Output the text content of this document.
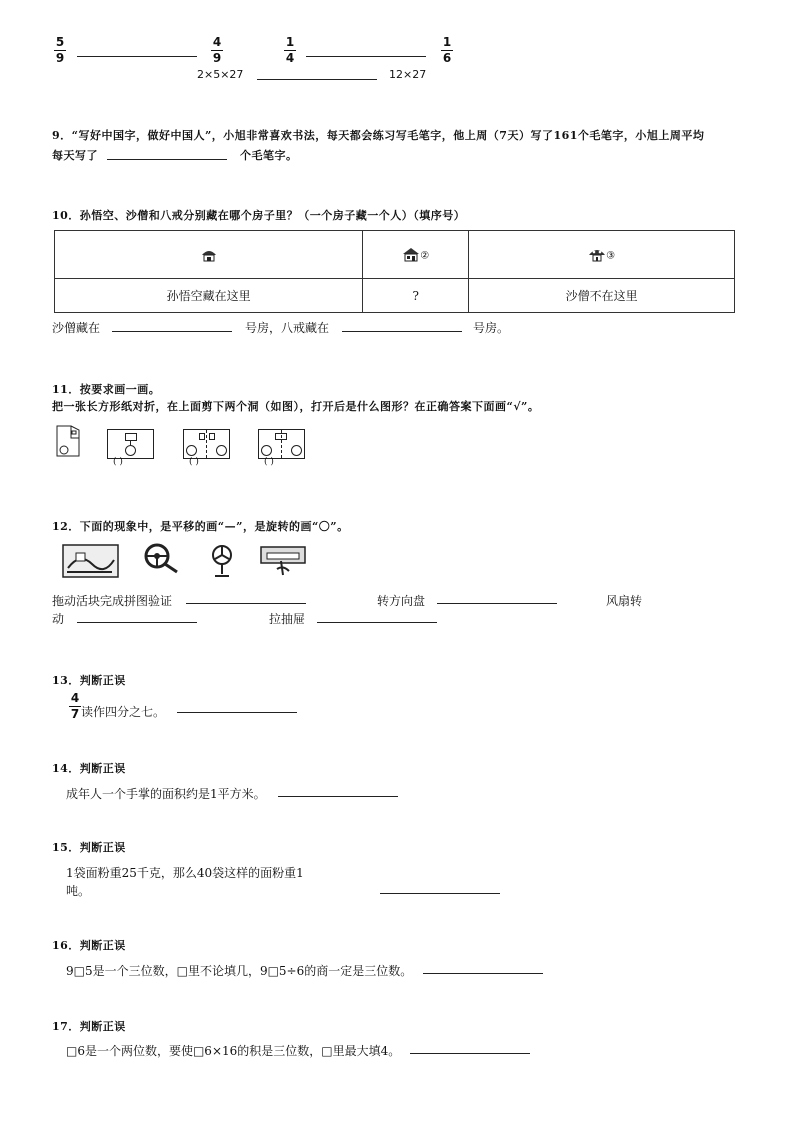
5
9
4
9
1
4
1
6
2×5×27	12×27
9．“写好中国字，做好中国人”，小旭非常喜欢书法，每天都会练习写毛笔字，他上周（7天）写了161个毛笔字，小旭上周平均
每天写了	个毛笔字。
10．孙悟空、沙僧和八戒分别藏在哪个房子里？（一个房子藏一个人）（填序号）
	②	③
孙悟空藏在这里	?	沙僧不在这里
沙僧藏在	号房，八戒藏在	号房。
11．按要求画一画。
把一张长方形纸对折，在上面剪下两个洞（如图），打开后是什么图形？在正确答案下面画“√”。
( )	( )	( )
12．下面的现象中，是平移的画“—”，是旋转的画“〇”。
拖动活块完成拼图验证	转方向盘	风扇转
动	拉抽屉
13．判断正误
4
7 读作四分之七。
14．判断正误
成年人一个手掌的面积约是1平方米。
15．判断正误
1袋面粉重25千克，那么40袋这样的面粉重1
吨。
16．判断正误
9□5是一个三位数，□里不论填几，9□5÷6的商一定是三位数。
17．判断正误
□6是一个两位数，要使□6×16的积是三位数，□里最大填4。
